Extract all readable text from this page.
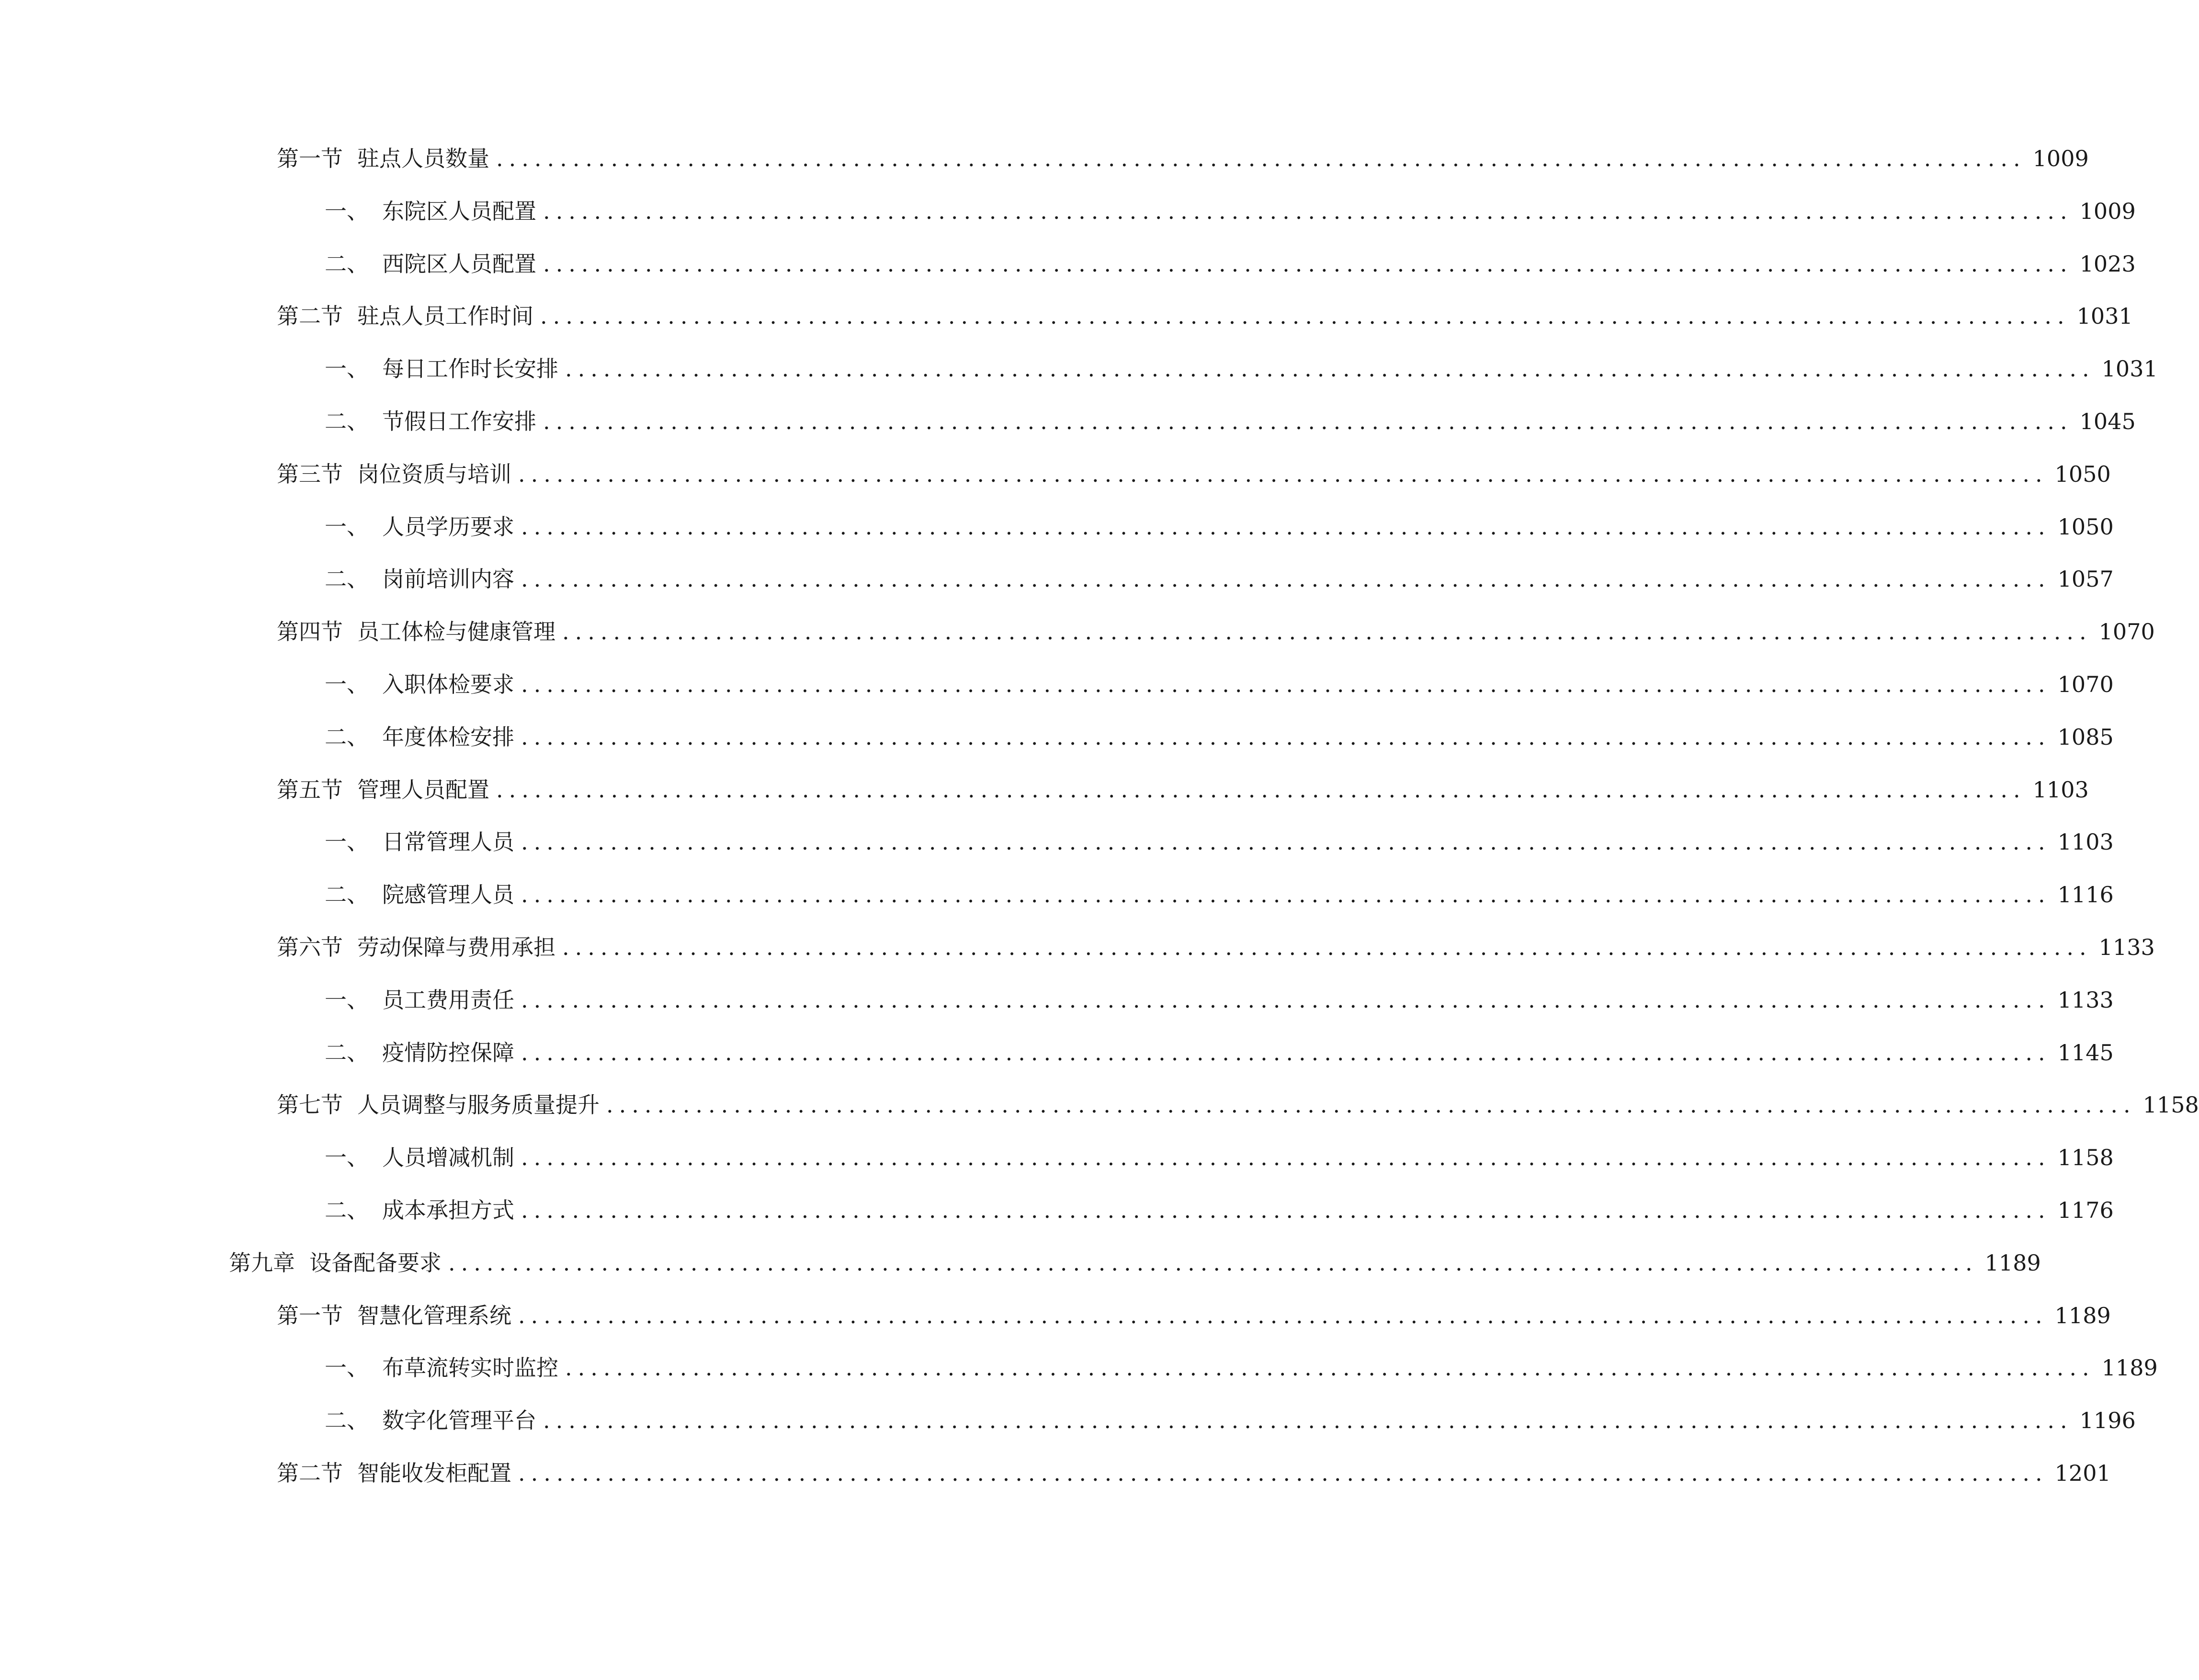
第一节 驻点人员数量 ........................................................................................................................ 1009
一、 东院区人员配置 ........................................................................................................................ 1009
二、 西院区人员配置 ........................................................................................................................ 1023
第二节 驻点人员工作时间 ........................................................................................................................ 1031
一、 每日工作时长安排 ........................................................................................................................ 1031
二、 节假日工作安排 ........................................................................................................................ 1045
第三节 岗位资质与培训 ........................................................................................................................ 1050
一、 人员学历要求 ........................................................................................................................ 1050
二、 岗前培训内容 ........................................................................................................................ 1057
第四节 员工体检与健康管理 ........................................................................................................................ 1070
一、 入职体检要求 ........................................................................................................................ 1070
二、 年度体检安排 ........................................................................................................................ 1085
第五节 管理人员配置 ........................................................................................................................ 1103
一、 日常管理人员 ........................................................................................................................ 1103
二、 院感管理人员 ........................................................................................................................ 1116
第六节 劳动保障与费用承担 ........................................................................................................................ 1133
一、 员工费用责任 ........................................................................................................................ 1133
二、 疫情防控保障 ........................................................................................................................ 1145
第七节 人员调整与服务质量提升 ........................................................................................................................ 1158
一、 人员增减机制 ........................................................................................................................ 1158
二、 成本承担方式 ........................................................................................................................ 1176
第九章 设备配备要求 ........................................................................................................................ 1189
第一节 智慧化管理系统 ........................................................................................................................ 1189
一、 布草流转实时监控 ........................................................................................................................ 1189
二、 数字化管理平台 ........................................................................................................................ 1196
第二节 智能收发柜配置 ........................................................................................................................ 1201
